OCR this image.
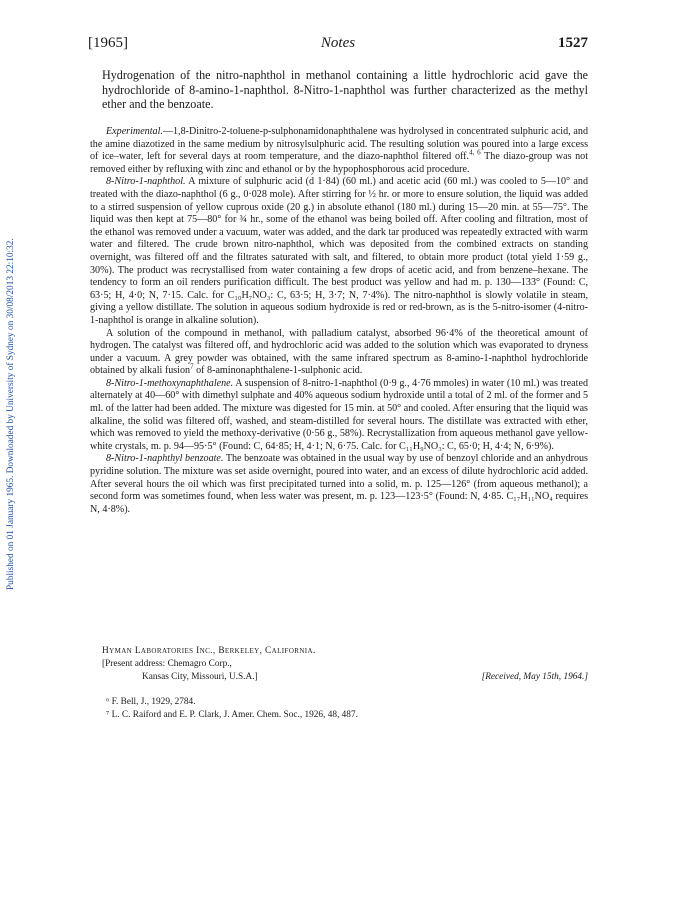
Published on 01 January 1965. Downloaded by University of Sydney on 30/08/2013 22:10:32.
[1965]	Notes	1527

Hydrogenation of the nitro-naphthol in methanol containing a little hydrochloric acid gave the hydrochloride of 8-amino-1-naphthol. 8-Nitro-1-naphthol was further characterized as the methyl ether and the benzoate.

Experimental.—1,8-Dinitro-2-toluene-p-sulphonamidonaphthalene was hydrolysed in concentrated sulphuric acid, and the amine diazotized in the same medium by nitrosylsulphuric acid. The resulting solution was poured into a large excess of ice–water, left for several days at room temperature, and the diazo-naphthol filtered off.$^{4, 6}$ The diazo-group was not removed either by refluxing with zinc and ethanol or by the hypophosphorous acid procedure.

8-Nitro-1-naphthol. A mixture of sulphuric acid (d 1·84) (60 ml.) and acetic acid (60 ml.) was cooled to 5—10° and treated with the diazo-naphthol (6 g., 0·028 mole). After stirring for ½ hr. or more to ensure solution, the liquid was added to a stirred suspension of yellow cuprous oxide (20 g.) in absolute ethanol (180 ml.) during 15—20 min. at 55—75°. The liquid was then kept at 75—80° for ¾ hr., some of the ethanol was being boiled off. After cooling and filtration, most of the ethanol was removed under a vacuum, water was added, and the dark tar produced was repeatedly extracted with warm water and filtered. The crude brown nitro-naphthol, which was deposited from the combined extracts on standing overnight, was filtered off and the filtrates saturated with salt, and filtered, to obtain more product (total yield 1·59 g., 30%). The product was recrystallised from water containing a few drops of acetic acid, and from benzene–hexane. The tendency to form an oil renders purification difficult. The best product was yellow and had m. p. 130—133° (Found: C, 63·5; H, 4·0; N, 7·15. Calc. for C₁₀H₇NO₃: C, 63·5; H, 3·7; N, 7·4%). The nitro-naphthol is slowly volatile in steam, giving a yellow distillate. The solution in aqueous sodium hydroxide is red or red-brown, as is the 5-nitro-isomer (4-nitro-1-naphthol is orange in alkaline solution).

A solution of the compound in methanol, with palladium catalyst, absorbed 96·4% of the theoretical amount of hydrogen. The catalyst was filtered off, and hydrochloric acid was added to the solution which was evaporated to dryness under a vacuum. A grey powder was obtained, with the same infrared spectrum as 8-amino-1-naphthol hydrochloride obtained by alkali fusion$^7$ of 8-aminonaphthalene-1-sulphonic acid.

8-Nitro-1-methoxynaphthalene. A suspension of 8-nitro-1-naphthol (0·9 g., 4·76 mmoles) in water (10 ml.) was treated alternately at 40—60° with dimethyl sulphate and 40% aqueous sodium hydroxide until a total of 2 ml. of the former and 5 ml. of the latter had been added. The mixture was digested for 15 min. at 50° and cooled. After ensuring that the liquid was alkaline, the solid was filtered off, washed, and steam-distilled for several hours. The distillate was extracted with ether, which was removed to yield the methoxy-derivative (0·56 g., 58%). Recrystallization from aqueous methanol gave yellow-white crystals, m. p. 94—95·5° (Found: C, 64·85; H, 4·1; N, 6·75. Calc. for C₁₁H₉NO₃: C, 65·0; H, 4·4; N, 6·9%).

8-Nitro-1-naphthyl benzoate. The benzoate was obtained in the usual way by use of benzoyl chloride and an anhydrous pyridine solution. The mixture was set aside overnight, poured into water, and an excess of dilute hydrochloric acid added. After several hours the oil which was first precipitated turned into a solid, m. p. 125—126° (from aqueous methanol); a second form was sometimes found, when less water was present, m. p. 123—123·5° (Found: N, 4·85. C₁₇H₁₁NO₄ requires N, 4·8%).

Hyman Laboratories Inc., Berkeley, California.
[Present address: Chemagro Corp.,
Kansas City, Missouri, U.S.A.]	[Received, May 15th, 1964.]
⁶ F. Bell, J., 1929, 2784.
⁷ L. C. Raiford and E. P. Clark, J. Amer. Chem. Soc., 1926, 48, 487.
